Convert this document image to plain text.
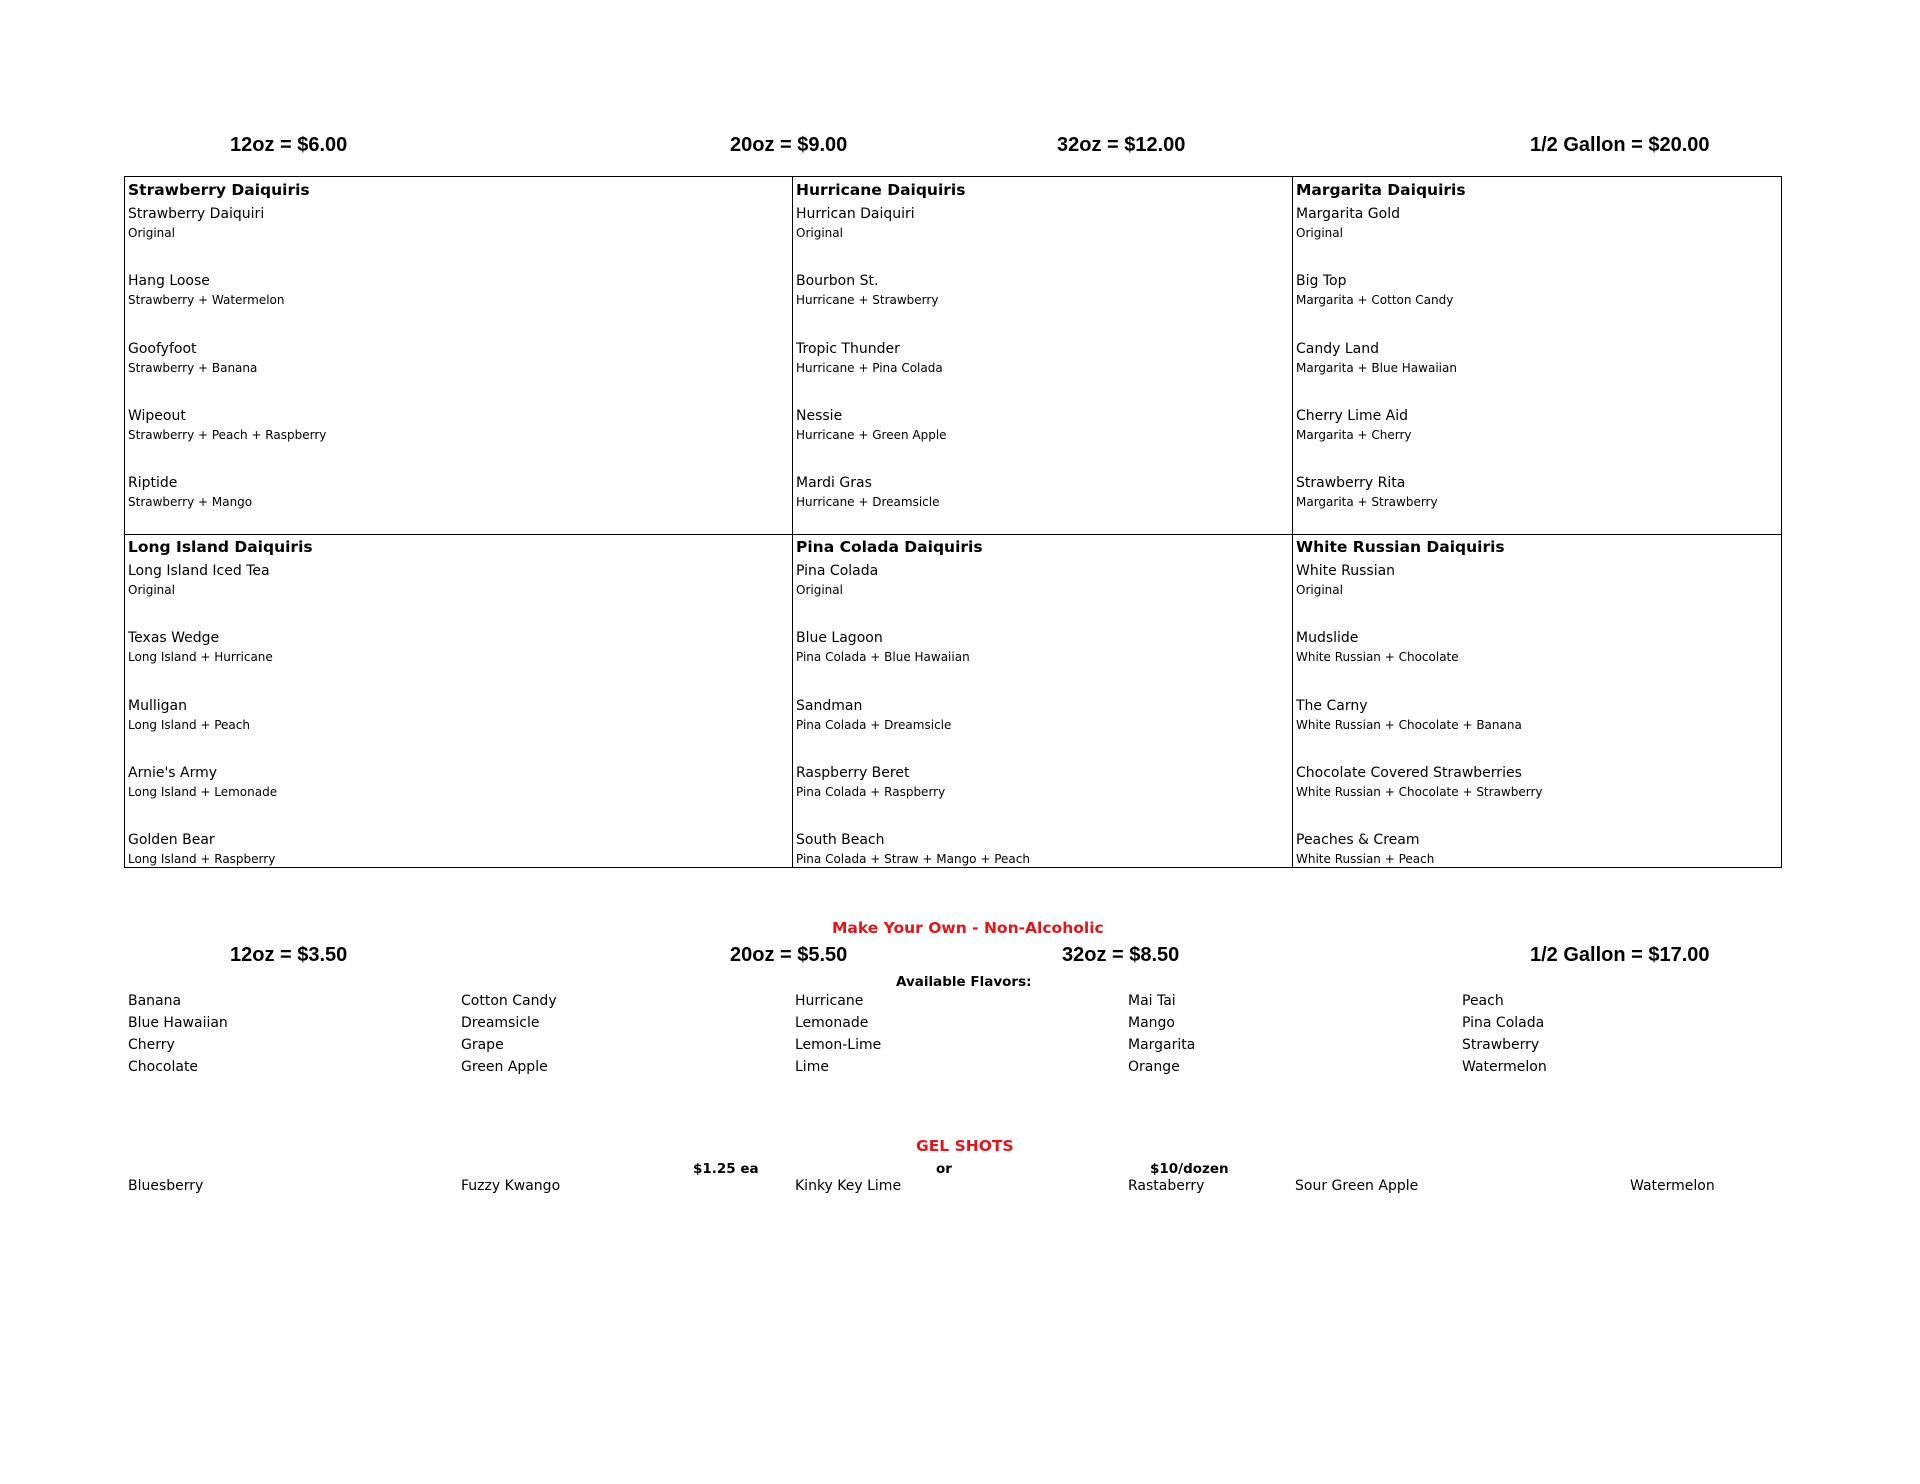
12oz = $6.00	20oz = $9.00	32oz = $12.00	1/2 Gallon = $20.00
Strawberry Daiquiris
Strawberry Daiquiri
Original
Hang Loose
Strawberry + Watermelon
Goofyfoot
Strawberry + Banana
Wipeout
Strawberry + Peach + Raspberry
Riptide
Strawberry + Mango
Hurricane Daiquiris
Hurrican Daiquiri
Original
Bourbon St.
Hurricane + Strawberry
Tropic Thunder
Hurricane + Pina Colada
Nessie
Hurricane + Green Apple
Mardi Gras
Hurricane + Dreamsicle
Margarita Daiquiris
Margarita Gold
Original
Big Top
Margarita + Cotton Candy
Candy Land
Margarita + Blue Hawaiian
Cherry Lime Aid
Margarita + Cherry
Strawberry Rita
Margarita + Strawberry
Long Island Daiquiris
Long Island Iced Tea
Original
Texas Wedge
Long Island + Hurricane
Mulligan
Long Island + Peach
Arnie's Army
Long Island + Lemonade
Golden Bear
Long Island + Raspberry
Pina Colada Daiquiris
Pina Colada
Original
Blue Lagoon
Pina Colada + Blue Hawaiian
Sandman
Pina Colada + Dreamsicle
Raspberry Beret
Pina Colada + Raspberry
South Beach
Pina Colada + Straw + Mango + Peach
White Russian Daiquiris
White Russian
Original
Mudslide
White Russian + Chocolate
The Carny
White Russian + Chocolate + Banana
Chocolate Covered Strawberries
White Russian + Chocolate + Strawberry
Peaches & Cream
White Russian + Peach
Make Your Own - Non-Alcoholic
12oz = $3.50	20oz = $5.50	32oz = $8.50	1/2 Gallon = $17.00
Available Flavors:
Banana
Blue Hawaiian
Cherry
Chocolate
Cotton Candy
Dreamsicle
Grape
Green Apple
Hurricane
Lemonade
Lemon-Lime
Lime
Mai Tai
Mango
Margarita
Orange
Peach
Pina Colada
Strawberry
Watermelon
GEL SHOTS
$1.25 ea	or	$10/dozen
Bluesberry	Fuzzy Kwango	Kinky Key Lime	Rastaberry	Sour Green Apple	Watermelon
